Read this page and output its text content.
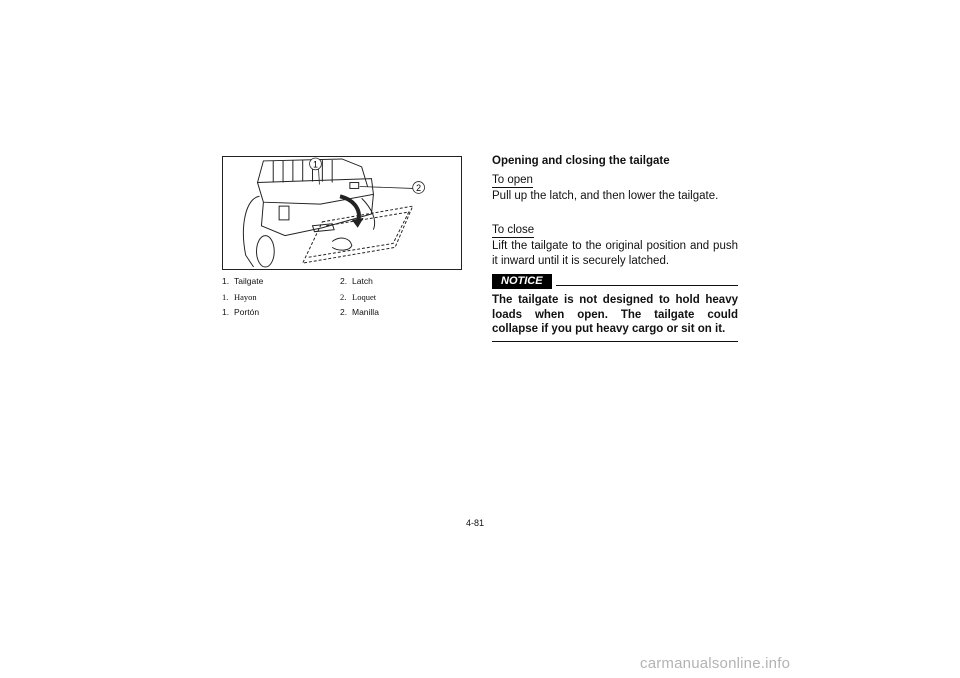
1
2
1. Tailgate	2. Latch
1. Hayon	2. Loquet
1. Portón	2. Manilla
Opening and closing the tailgate
To open

Pull up the latch, and then lower the tailgate.

To close

Lift the tailgate to the original position and push it inward until it is securely latched.

NOTICE
The tailgate is not designed to hold heavy loads when open. The tailgate could collapse if you put heavy cargo or sit on it.
4-81
carmanualsonline.info
